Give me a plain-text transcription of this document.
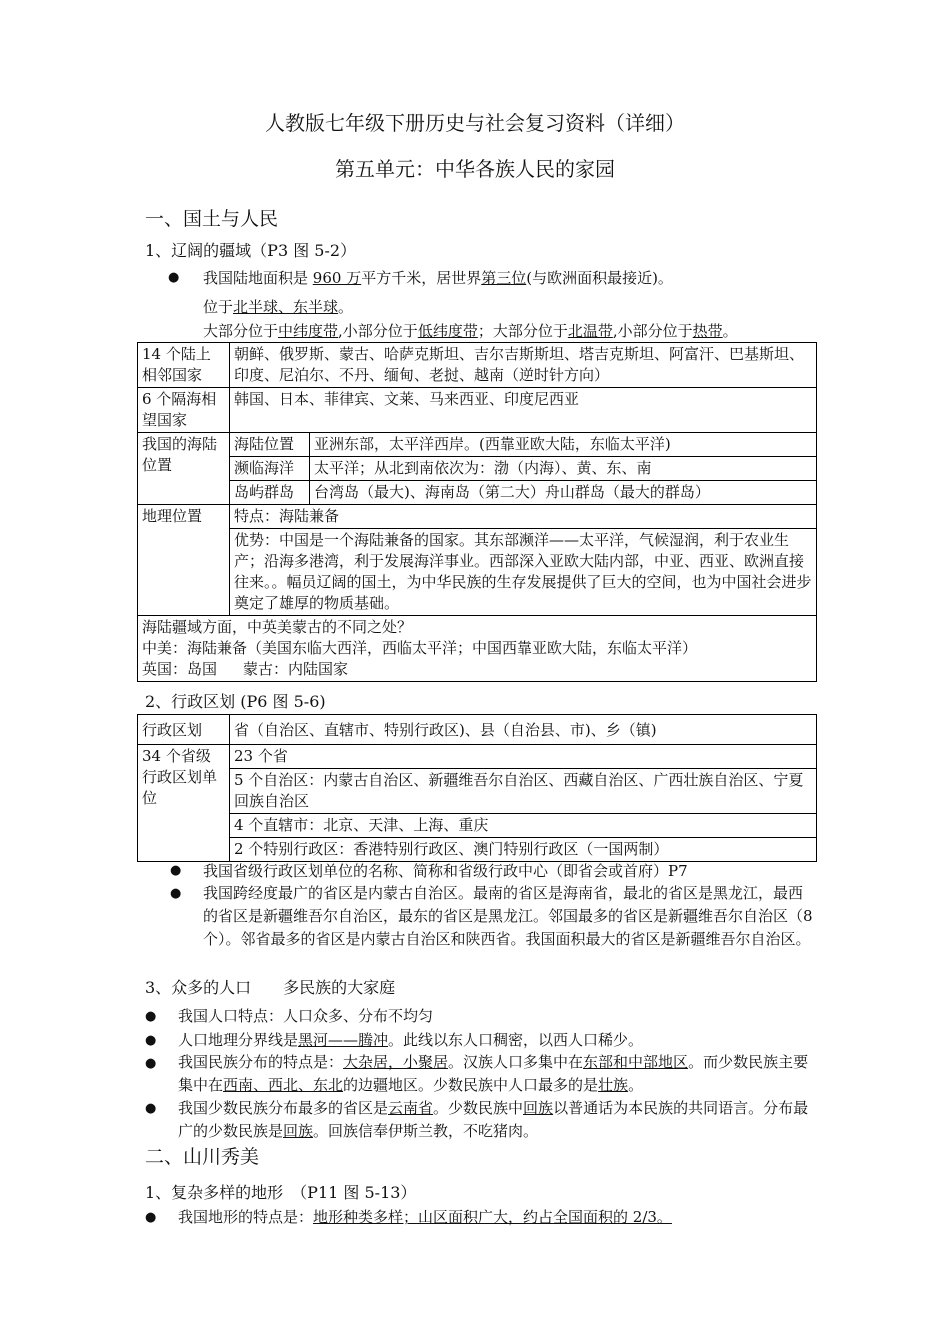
人教版七年级下册历史与社会复习资料（详细）
第五单元：中华各族人民的家园
一、国土与人民
1、辽阔的疆域（P3 图 5-2）
● 我国陆地面积是 960 万平方千米，居世界第三位(与欧洲面积最接近)。
位于北半球、东半球。
大部分位于中纬度带,小部分位于低纬度带；大部分位于北温带,小部分位于热带。
14 个陆上相邻国家	朝鲜、俄罗斯、蒙古、哈萨克斯坦、吉尔吉斯斯坦、塔吉克斯坦、阿富汗、巴基斯坦、印度、尼泊尔、不丹、缅甸、老挝、越南（逆时针方向）	
6 个隔海相望国家	韩国、日本、菲律宾、文莱、马来西亚、印度尼西亚	
我国的海陆位置	海陆位置	亚洲东部，太平洋西岸。(西靠亚欧大陆，东临太平洋)
	濒临海洋	太平洋；从北到南依次为：渤（内海）、黄、东、南
	岛屿群岛	台湾岛（最大)、海南岛（第二大）舟山群岛（最大的群岛）
地理位置	特点：海陆兼备	
	优势：中国是一个海陆兼备的国家。其东部濒洋——太平洋，气候湿润，利于农业生产；沿海多港湾，利于发展海洋事业。西部深入亚欧大陆内部，中亚、西亚、欧洲直接往来。。幅员辽阔的国土，为中华民族的生存发展提供了巨大的空间，也为中国社会进步奠定了雄厚的物质基础。	

海陆疆域方面，中英美蒙古的不同之处？
中美：海陆兼备（美国东临大西洋，西临太平洋；中国西靠亚欧大陆，东临太平洋）
英国：岛国 蒙古：内陆国家		
2、行政区划 (P6 图 5-6)
行政区划	省（自治区、直辖市、特别行政区)、县（自治县、市)、乡（镇)
34 个省级行政区划单位	23 个省
	5 个自治区：内蒙古自治区、新疆维吾尔自治区、西藏自治区、广西壮族自治区、宁夏回族自治区
	4 个直辖市：北京、天津、上海、重庆
	2 个特别行政区：香港特别行政区、澳门特别行政区（一国两制）
● 我国省级行政区划单位的名称、简称和省级行政中心（即省会或首府）P7
● 我国跨经度最广的省区是内蒙古自治区。最南的省区是海南省，最北的省区是黑龙江，最西的省区是新疆维吾尔自治区，最东的省区是黑龙江。邻国最多的省区是新疆维吾尔自治区（8 个）。邻省最多的省区是内蒙古自治区和陕西省。我国面积最大的省区是新疆维吾尔自治区。
3、众多的人口　　多民族的大家庭
● 我国人口特点：人口众多、分布不均匀
● 人口地理分界线是黑河——腾冲。此线以东人口稠密，以西人口稀少。
● 我国民族分布的特点是：大杂居，小聚居。汉族人口多集中在东部和中部地区。而少数民族主要集中在西南、西北、东北的边疆地区。少数民族中人口最多的是壮族。
● 我国少数民族分布最多的省区是云南省。少数民族中回族以普通话为本民族的共同语言。分布最广的少数民族是回族。回族信奉伊斯兰教，不吃猪肉。
二、山川秀美
1、复杂多样的地形　（P11 图 5-13）
● 我国地形的特点是：地形种类多样；山区面积广大，约占全国面积的 2/3。
